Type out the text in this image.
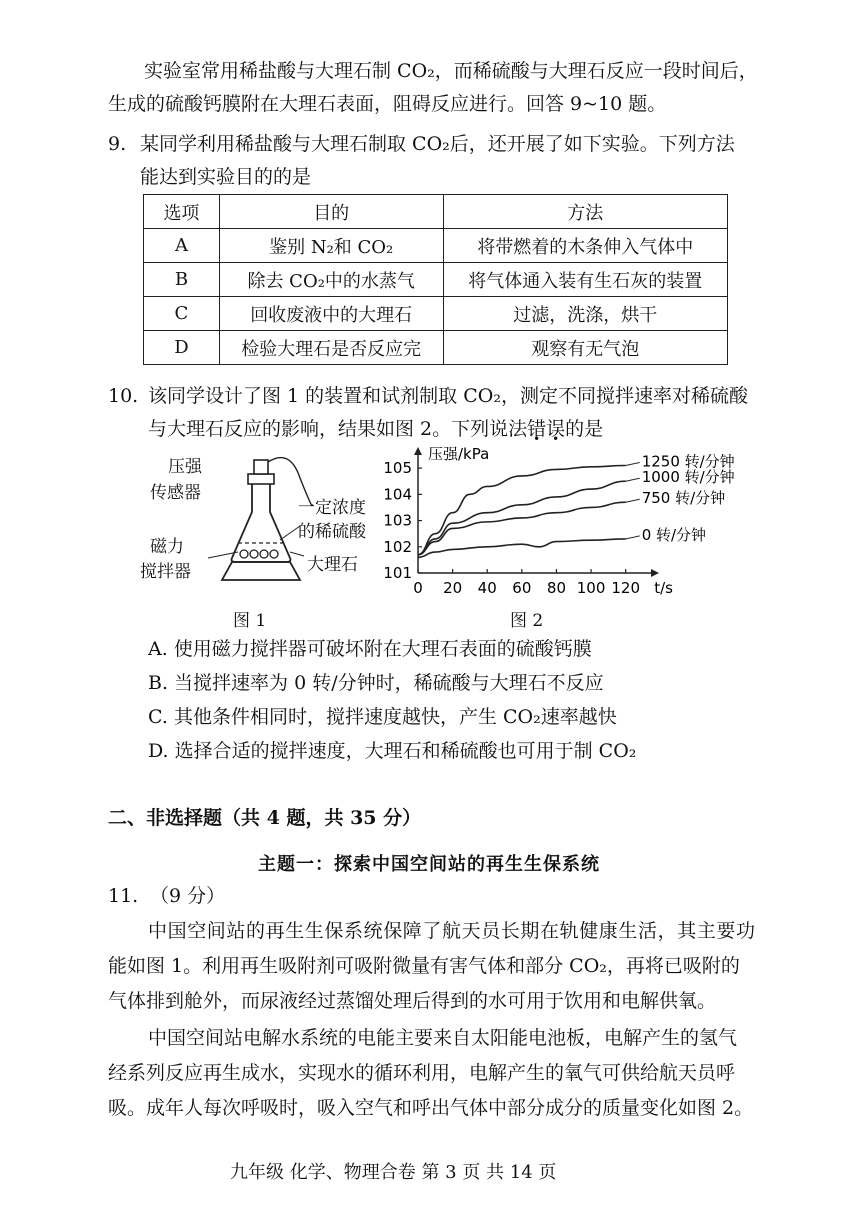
实验室常用稀盐酸与大理石制 CO₂，而稀硫酸与大理石反应一段时间后，
生成的硫酸钙膜附在大理石表面，阻碍反应进行。回答 9~10 题。
9. 某同学利用稀盐酸与大理石制取 CO₂后，还开展了如下实验。下列方法
能达到实验目的的是
选项	目的	方法
A	鉴别 N₂和 CO₂	将带燃着的木条伸入气体中
B	除去 CO₂中的水蒸气	将气体通入装有生石灰的装置
C	回收废液中的大理石	过滤，洗涤，烘干
D	检验大理石是否反应完	观察有无气泡
10. 该同学设计了图 1 的装置和试剂制取 CO₂，测定不同搅拌速率对稀硫酸
与大理石反应的影响，结果如图 2。下列说法错误的是
压强
传感器
一定浓度
的稀硫酸
磁力
搅拌器	大理石
图 1
0 20 40 60 80 100 120
101
102
103
104
105
压强/kPa
t/s
1250 转/分钟
1000 转/分钟
750 转/分钟
0 转/分钟
图 2
A. 使用磁力搅拌器可破坏附在大理石表面的硫酸钙膜
B. 当搅拌速率为 0 转/分钟时，稀硫酸与大理石不反应
C. 其他条件相同时，搅拌速度越快，产生 CO₂速率越快
D. 选择合适的搅拌速度，大理石和稀硫酸也可用于制 CO₂
二、非选择题（共 4 题，共 35 分）
主题一：探索中国空间站的再生生保系统
11. （9 分）
中国空间站的再生生保系统保障了航天员长期在轨健康生活，其主要功
能如图 1。利用再生吸附剂可吸附微量有害气体和部分 CO₂，再将已吸附的
气体排到舱外，而尿液经过蒸馏处理后得到的水可用于饮用和电解供氧。
中国空间站电解水系统的电能主要来自太阳能电池板，电解产生的氢气
经系列反应再生成水，实现水的循环利用，电解产生的氧气可供给航天员呼
吸。成年人每次呼吸时，吸入空气和呼出气体中部分成分的质量变化如图 2。
九年级 化学、物理合卷 第 3 页 共 14 页
